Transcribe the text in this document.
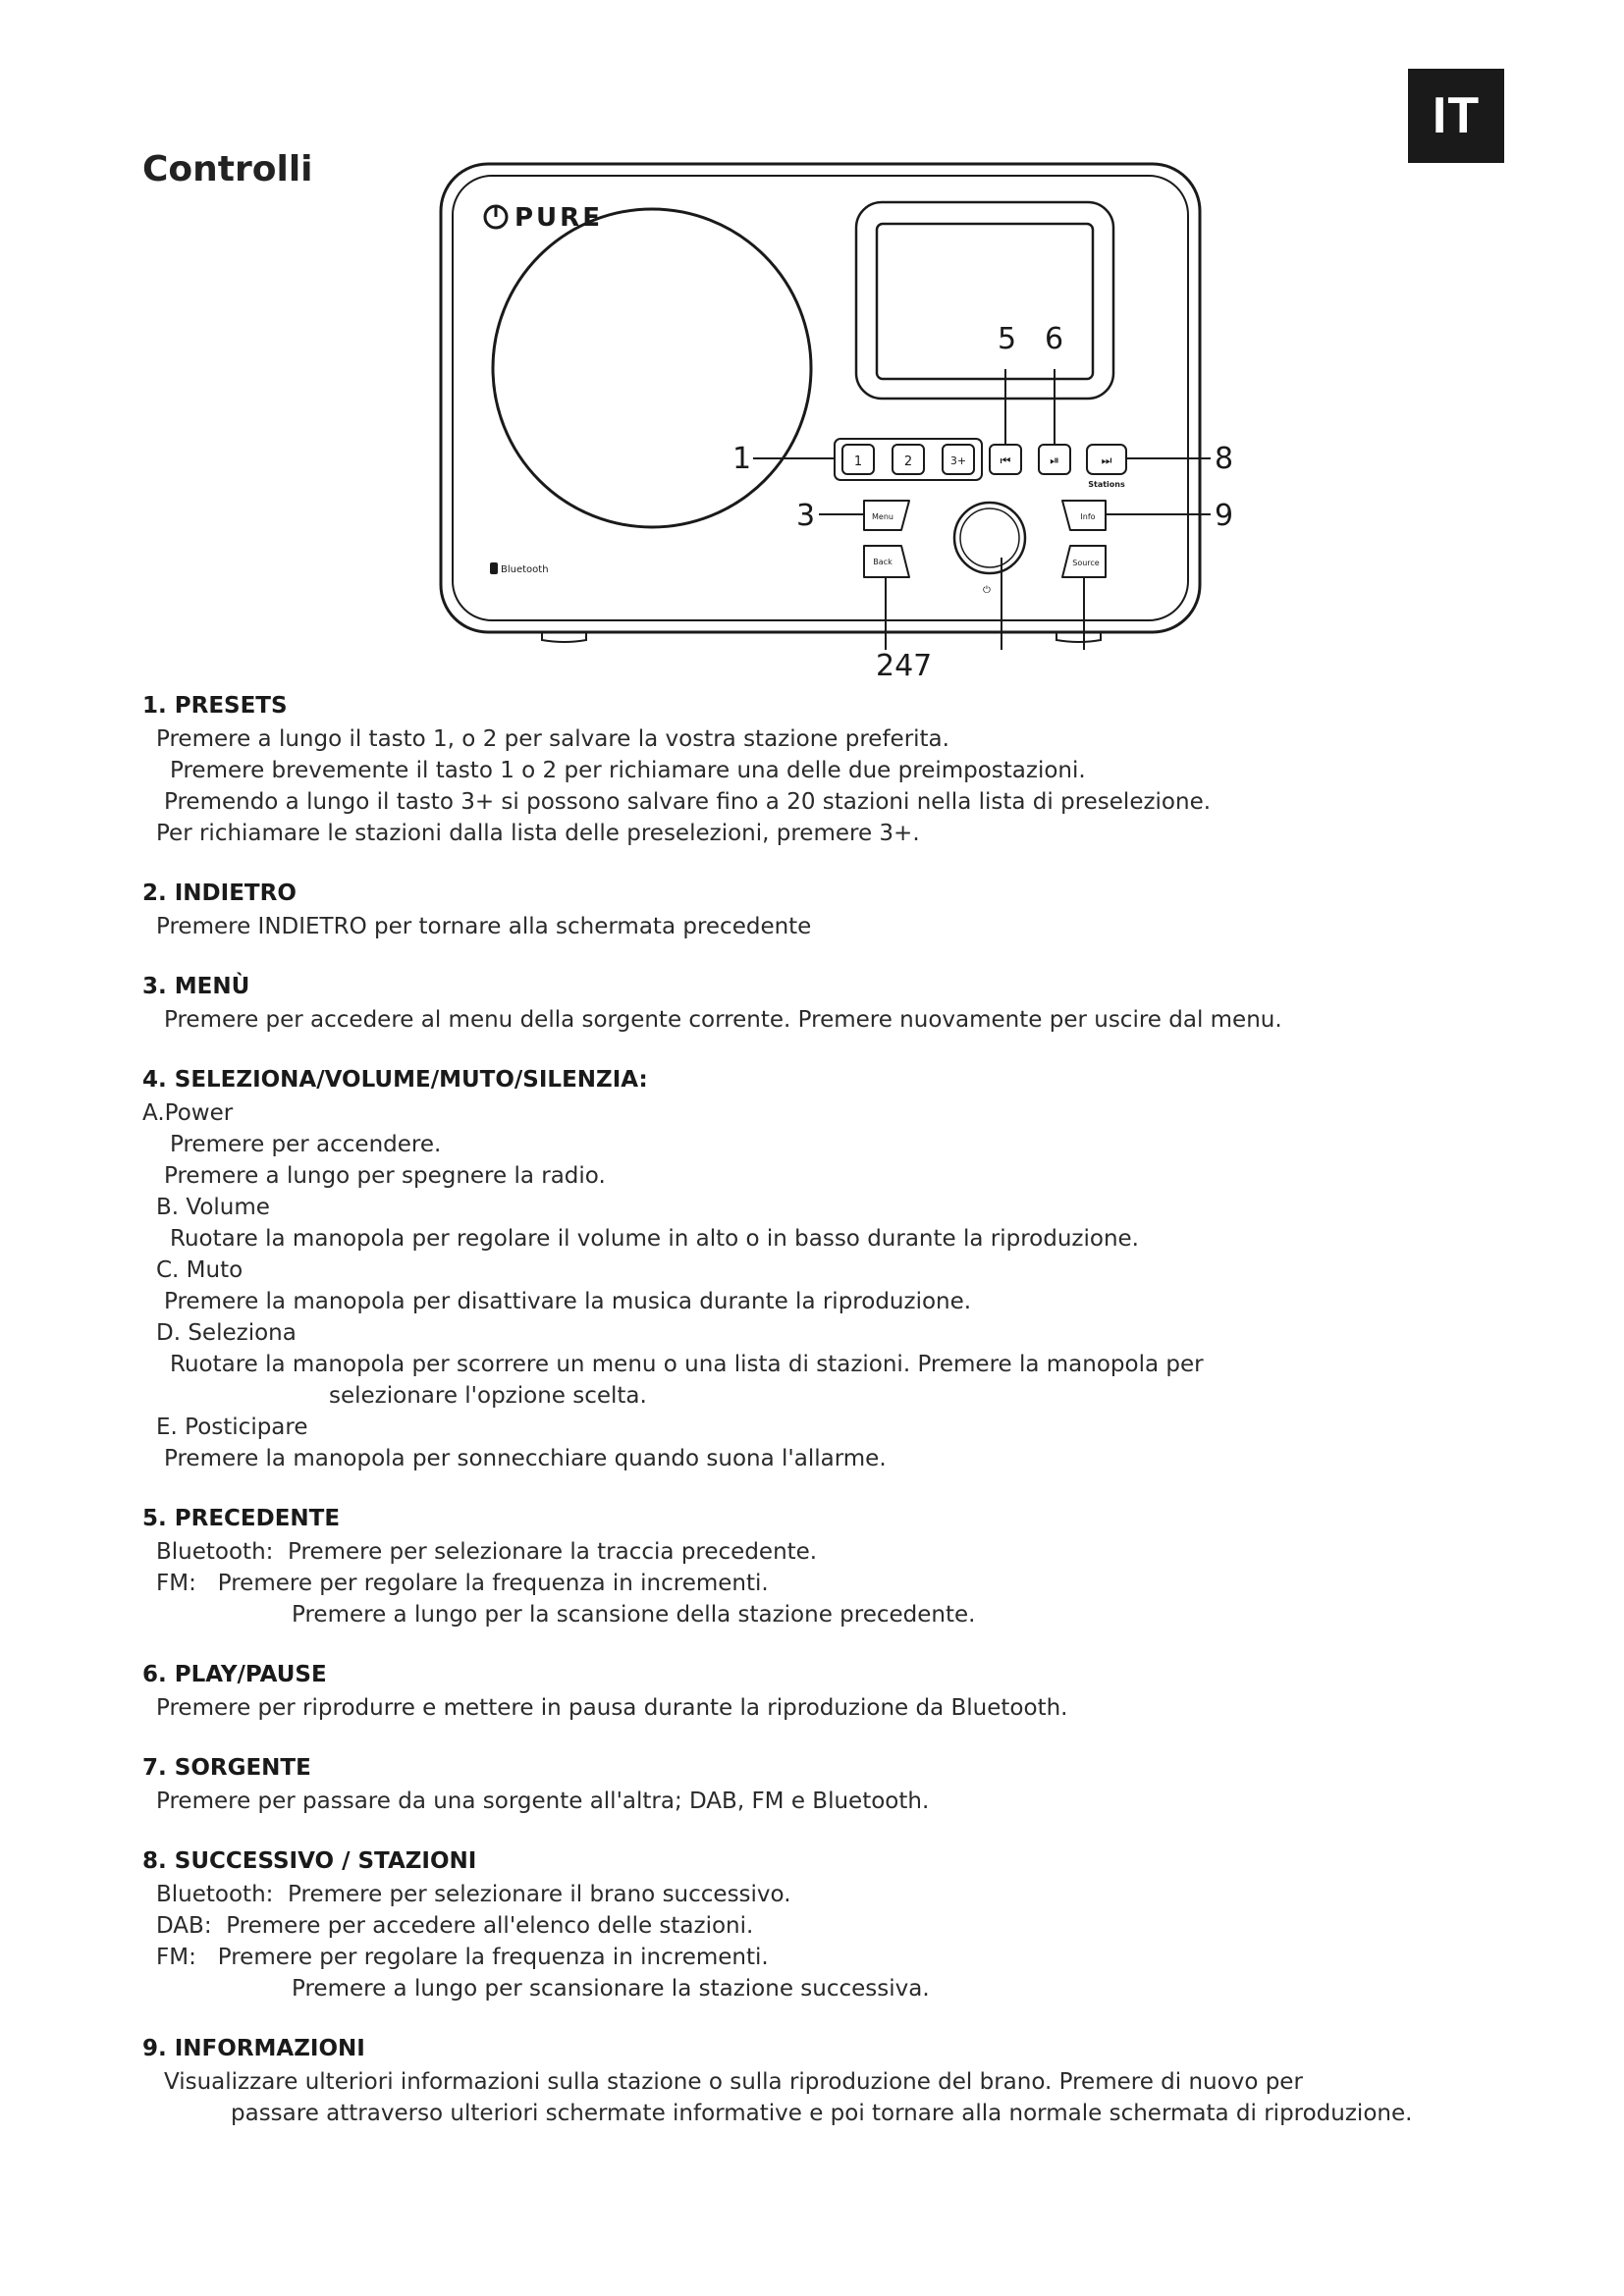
IT
Controlli
PURE
Bluetooth
1	2	3+	⏮	⏯	⏭
Stations
Menu
Back
⏻
Info
Source
1
3
5 6
8
9
247
1. PRESETS
Premere a lungo il tasto 1, o 2 per salvare la vostra stazione preferita.
Premere brevemente il tasto 1 o 2 per richiamare una delle due preimpostazioni.
Premendo a lungo il tasto 3+ si possono salvare fino a 20 stazioni nella lista di preselezione.
Per richiamare le stazioni dalla lista delle preselezioni, premere 3+.
2. INDIETRO
Premere INDIETRO per tornare alla schermata precedente
3. MENÙ
Premere per accedere al menu della sorgente corrente. Premere nuovamente per uscire dal menu.
4. SELEZIONA/VOLUME/MUTO/SILENZIA:
A.Power
Premere per accendere.
Premere a lungo per spegnere la radio.
B. Volume
Ruotare la manopola per regolare il volume in alto o in basso durante la riproduzione.
C. Muto
Premere la manopola per disattivare la musica durante la riproduzione.
D. Seleziona
Ruotare la manopola per scorrere un menu o una lista di stazioni. Premere la manopola per
selezionare l'opzione scelta.
E. Posticipare
Premere la manopola per sonnecchiare quando suona l'allarme.
5. PRECEDENTE
Bluetooth:  Premere per selezionare la traccia precedente.
FM:   Premere per regolare la frequenza in incrementi.
Premere a lungo per la scansione della stazione precedente.
6. PLAY/PAUSE
Premere per riprodurre e mettere in pausa durante la riproduzione da Bluetooth.
7. SORGENTE
Premere per passare da una sorgente all'altra; DAB, FM e Bluetooth.
8. SUCCESSIVO / STAZIONI
Bluetooth:  Premere per selezionare il brano successivo.
DAB:  Premere per accedere all'elenco delle stazioni.
FM:   Premere per regolare la frequenza in incrementi.
Premere a lungo per scansionare la stazione successiva.
9. INFORMAZIONI
Visualizzare ulteriori informazioni sulla stazione o sulla riproduzione del brano. Premere di nuovo per
passare attraverso ulteriori schermate informative e poi tornare alla normale schermata di riproduzione.
